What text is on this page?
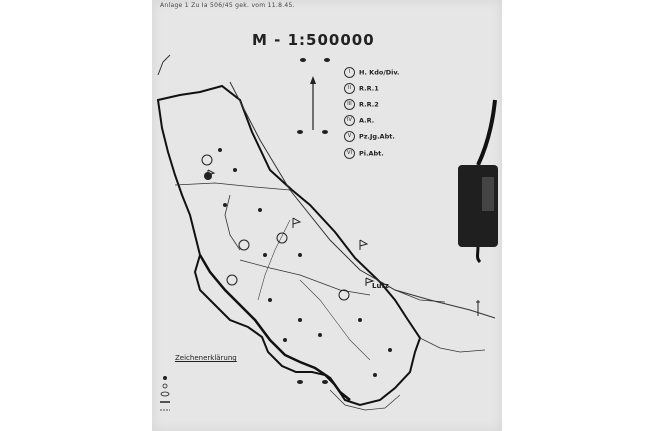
Anlage 1 Zu Ia 506/45 gek. vom 11.8.45.
M - 1:500000
I H. Kdo/Div.
II R.R.1
III R.R.2
IV A.R.
V Pz.Jg.Abt.
VI Pi.Abt.
Lutz
Zeichenerklärung
